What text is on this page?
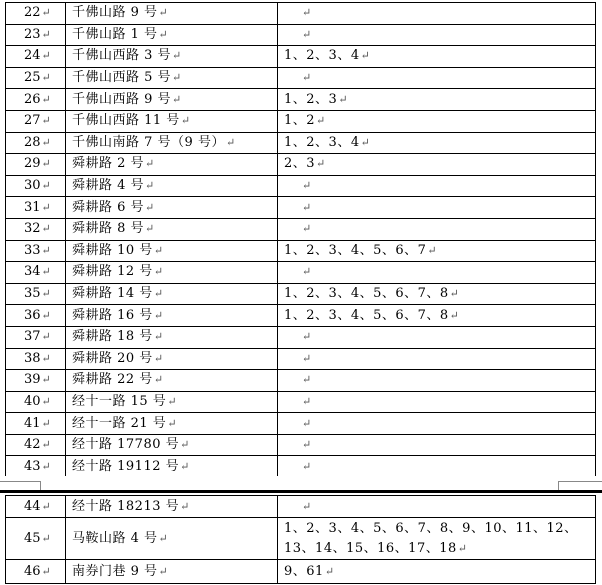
22↵	千佛山路 9 号↵	↵
23↵	千佛山路 1 号↵	↵
24↵	千佛山西路 3 号↵	1、2、3、4↵
25↵	千佛山西路 5 号↵	↵
26↵	千佛山西路 9 号↵	1、2、3↵
27↵	千佛山西路 11 号↵	1、2↵
28↵	千佛山南路 7 号（9 号）↵	1、2、3、4↵
29↵	舜耕路 2 号↵	2、3↵
30↵	舜耕路 4 号↵	↵
31↵	舜耕路 6 号↵	↵
32↵	舜耕路 8 号↵	↵
33↵	舜耕路 10 号↵	1、2、3、4、5、6、7↵
34↵	舜耕路 12 号↵	↵
35↵	舜耕路 14 号↵	1、2、3、4、5、6、7、8↵
36↵	舜耕路 16 号↵	1、2、3、4、5、6、7、8↵
37↵	舜耕路 18 号↵	↵
38↵	舜耕路 20 号↵	↵
39↵	舜耕路 22 号↵	↵
40↵	经十一路 15 号↵	↵
41↵	经十一路 21 号↵	↵
42↵	经十路 17780 号↵	↵
43↵	经十路 19112 号↵	↵
44↵	经十路 18213 号↵	↵
45↵	马鞍山路 4 号↵	1、2、3、4、5、6、7、8、9、10、11、12、13、14、15、16、17、18↵
46↵	南券门巷 9 号↵	9、61↵
